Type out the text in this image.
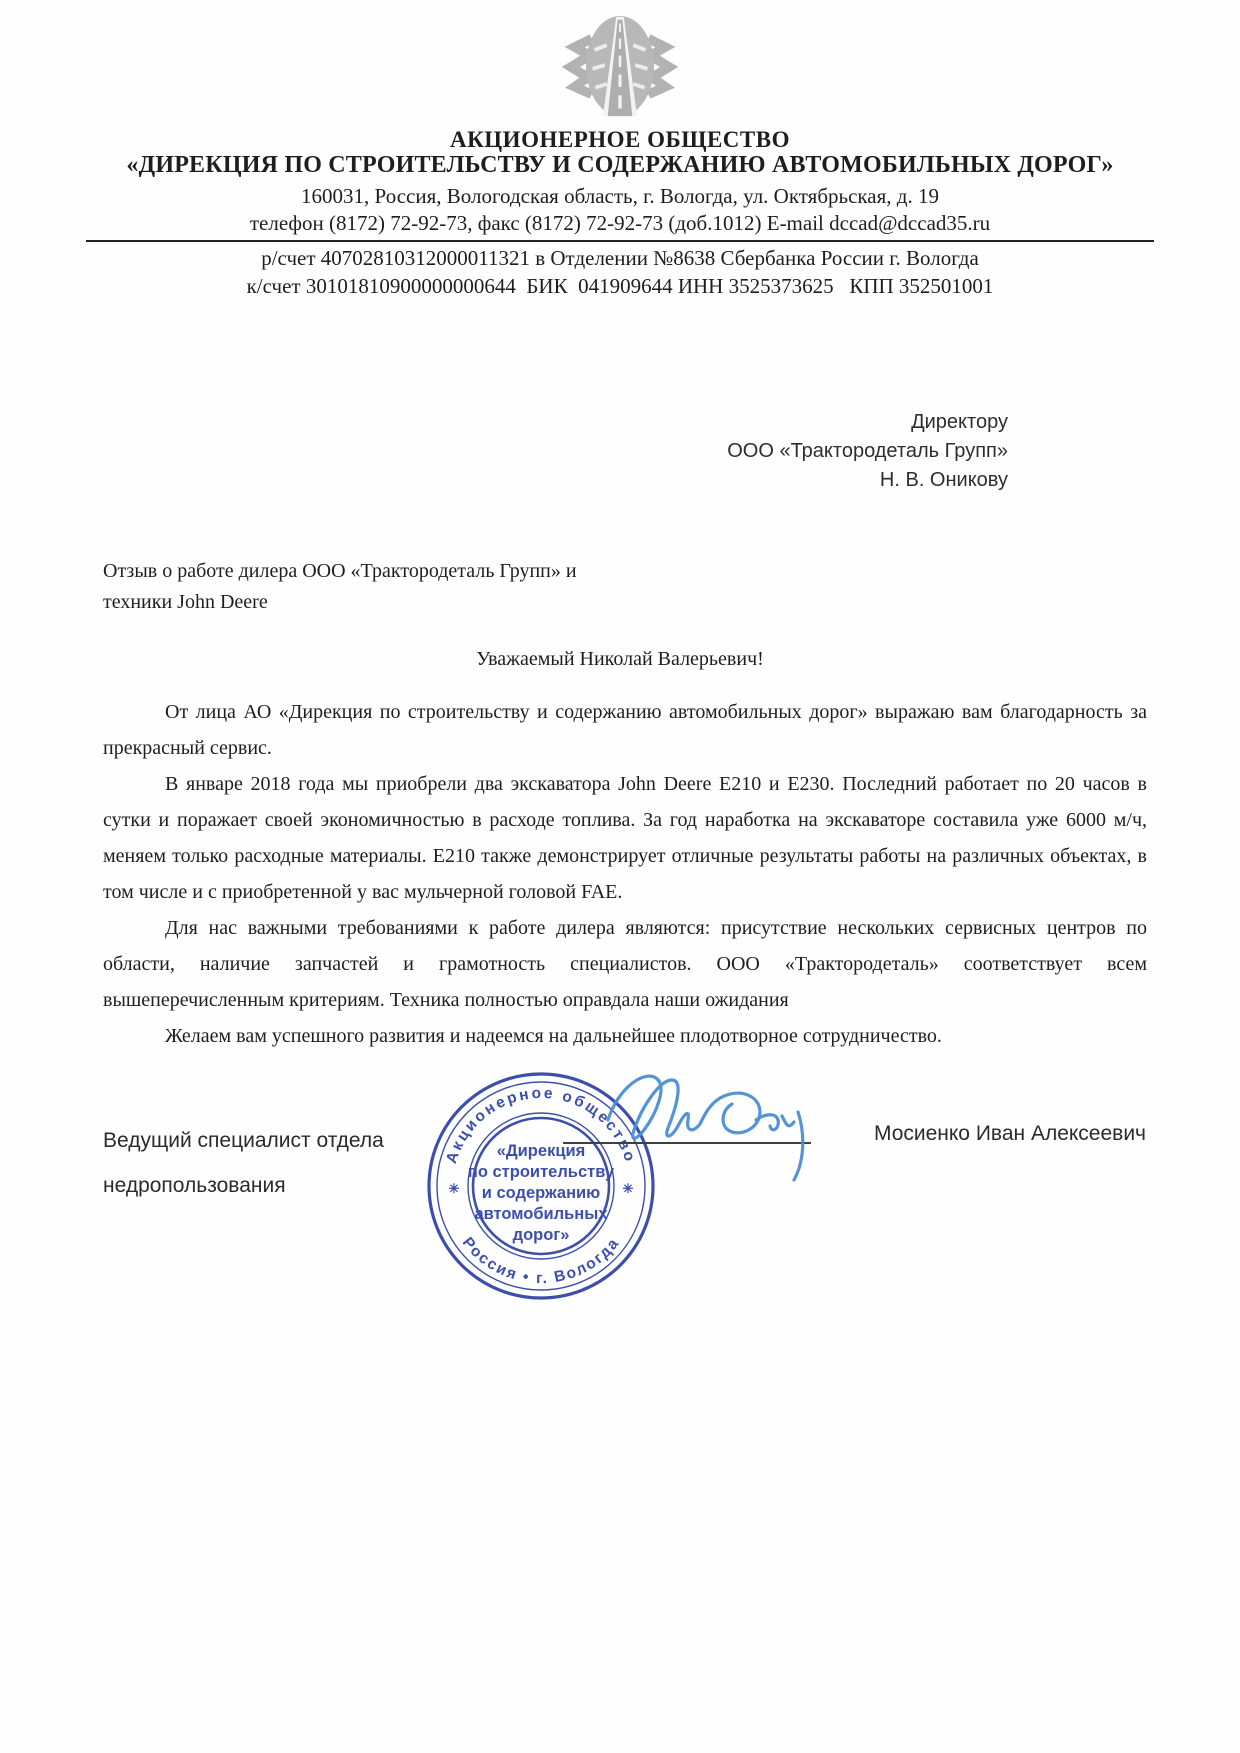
АКЦИОНЕРНОЕ ОБЩЕСТВО
«ДИРЕКЦИЯ ПО СТРОИТЕЛЬСТВУ И СОДЕРЖАНИЮ АВТОМОБИЛЬНЫХ ДОРОГ»
160031, Россия, Вологодская область, г. Вологда, ул. Октябрьская, д. 19
телефон (8172) 72-92-73, факс (8172) 72-92-73 (доб.1012) E-mail dccad@dccad35.ru
р/счет 40702810312000011321 в Отделении №8638 Сбербанка России г. Вологда
к/счет 30101810900000000644  БИК  041909644 ИНН 3525373625   КПП 352501001
Директору
ООО «Трактородеталь Групп»
Н. В. Оникову
Отзыв о работе дилера ООО «Трактородеталь Групп» и
техники John Deere
Уважаемый Николай Валерьевич!

От лица АО «Дирекция по строительству и содержанию автомобильных дорог» выражаю вам благодарность за прекрасный сервис.

В январе 2018 года мы приобрели два экскаватора John Deere E210 и E230. Последний работает по 20 часов в сутки и поражает своей экономичностью в расходе топлива. За год наработка на экскаваторе составила уже 6000 м/ч, меняем только расходные материалы. Е210 также демонстрирует отличные результаты работы на различных объектах, в том числе и с приобретенной у вас мульчерной головой FAE.

Для нас важными требованиями к работе дилера являются: присутствие нескольких сервисных центров по области, наличие запчастей и грамотность специалистов. ООО «Трактородеталь» соответствует всем вышеперечисленным критериям. Техника полностью оправдала наши ожидания

Желаем вам успешного развития и надеемся на дальнейшее плодотворное сотрудничество.

Ведущий специалист отдела
недропользования
Мосиенко Иван Алексеевич
Акционерное общество
Россия • г. Вологда
«Дирекция
по строительству
и содержанию
автомобильных
дорог»
✳	✳
